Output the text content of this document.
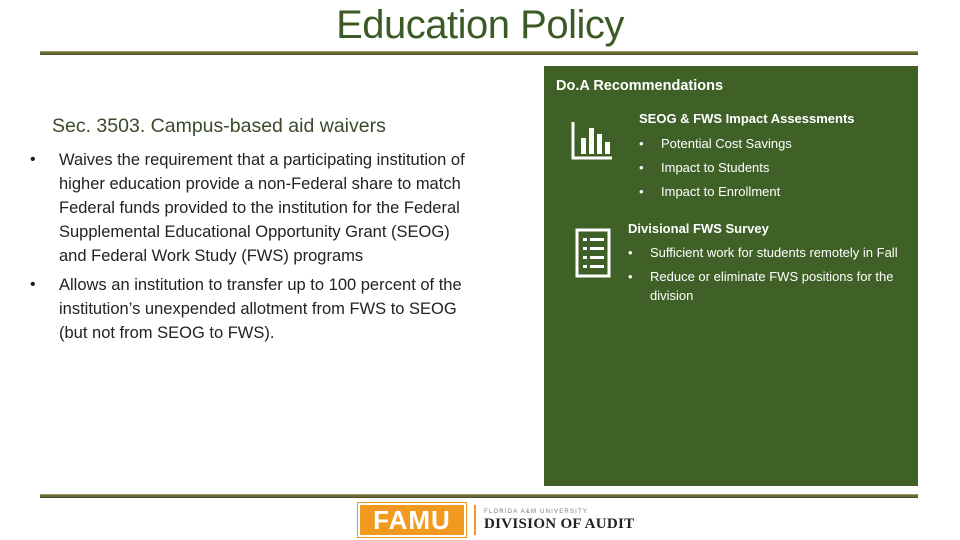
Education Policy
Sec. 3503. Campus-based aid waivers
• Waives the requirement that a participating institution of higher education provide a non-Federal share to match Federal funds provided to the institution for the Federal Supplemental Educational Opportunity Grant (SEOG) and Federal Work Study (FWS) programs
• Allows an institution to transfer up to 100 percent of the institution’s unexpended allotment from FWS to SEOG (but not from SEOG to FWS).
Do.A Recommendations
SEOG & FWS Impact Assessments
• Potential Cost Savings
• Impact to Students
• Impact to Enrollment
Divisional FWS Survey
• Sufficient work for students remotely in Fall
• Reduce or eliminate FWS positions for the division
FAMU	FLORIDA A&M UNIVERSITY
DIVISION OF AUDIT
